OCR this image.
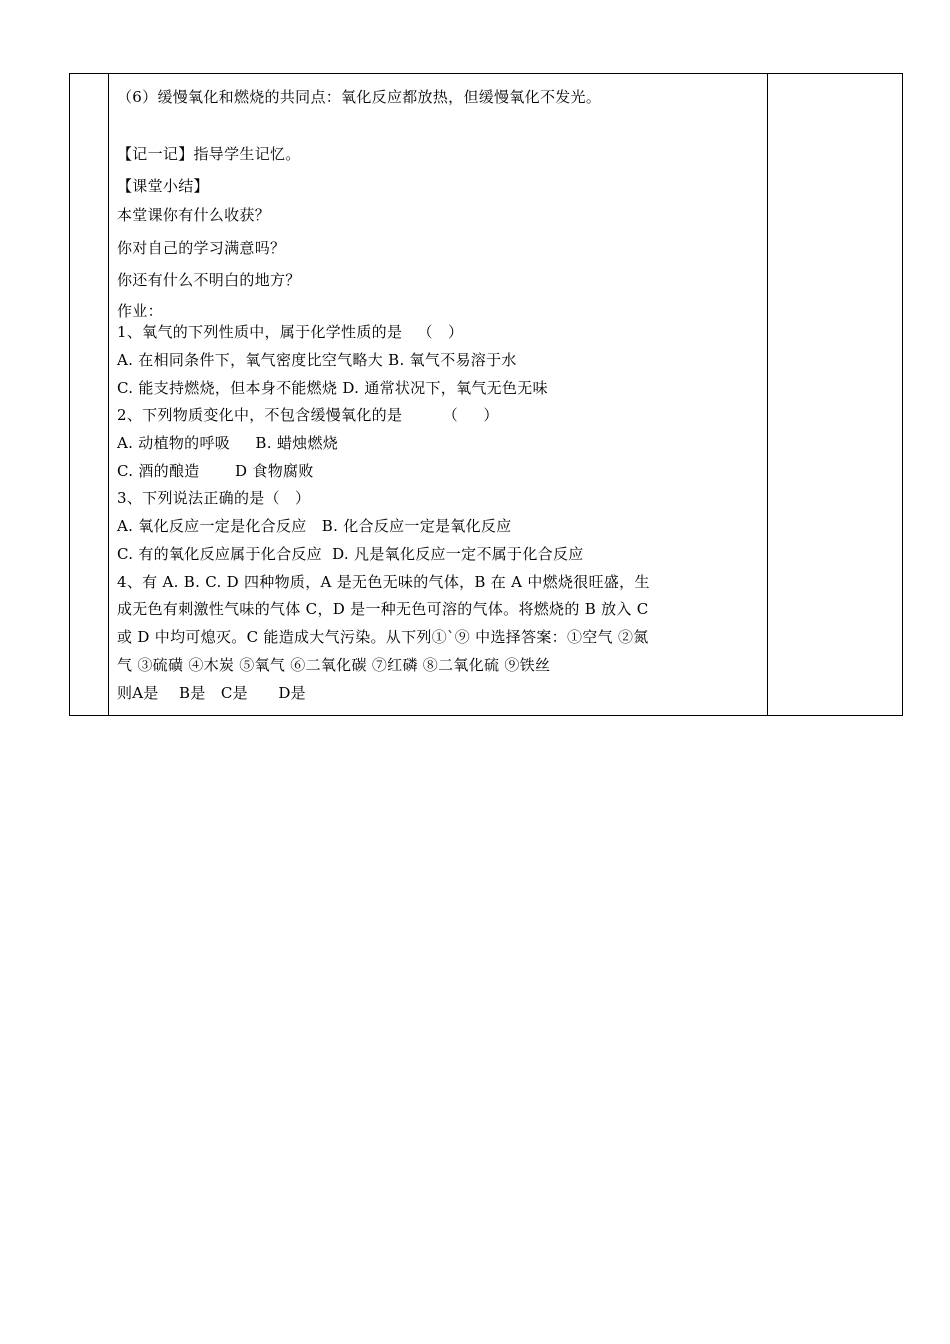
（6）缓慢氧化和燃烧的共同点：氧化反应都放热，但缓慢氧化不发光。
【记一记】指导学生记忆。
【课堂小结】
本堂课你有什么收获？
你对自己的学习满意吗？
你还有什么不明白的地方？
作业：
1、氧气的下列性质中，属于化学性质的是   （   ）
A. 在相同条件下，氧气密度比空气略大 B. 氧气不易溶于水
C. 能支持燃烧，但本身不能燃烧 D. 通常状况下，氧气无色无味
2、下列物质变化中，不包含缓慢氧化的是        （     ）
A. 动植物的呼吸     B. 蜡烛燃烧
C. 酒的酿造       D 食物腐败
3、下列说法正确的是（   ）
A. 氧化反应一定是化合反应   B. 化合反应一定是氧化反应
C. 有的氧化反应属于化合反应  D. 凡是氧化反应一定不属于化合反应
4、有 A. B. C. D 四种物质，A 是无色无味的气体，B 在 A 中燃烧很旺盛，生
成无色有刺激性气味的气体 C，D 是一种无色可溶的气体。将燃烧的 B 放入 C
或 D 中均可熄灭。C 能造成大气污染。从下列①`⑨ 中选择答案：①空气 ②氮
气 ③硫磺 ④木炭 ⑤氧气 ⑥二氧化碳 ⑦红磷 ⑧二氧化硫 ⑨铁丝
则A是    B是   C是      D是
